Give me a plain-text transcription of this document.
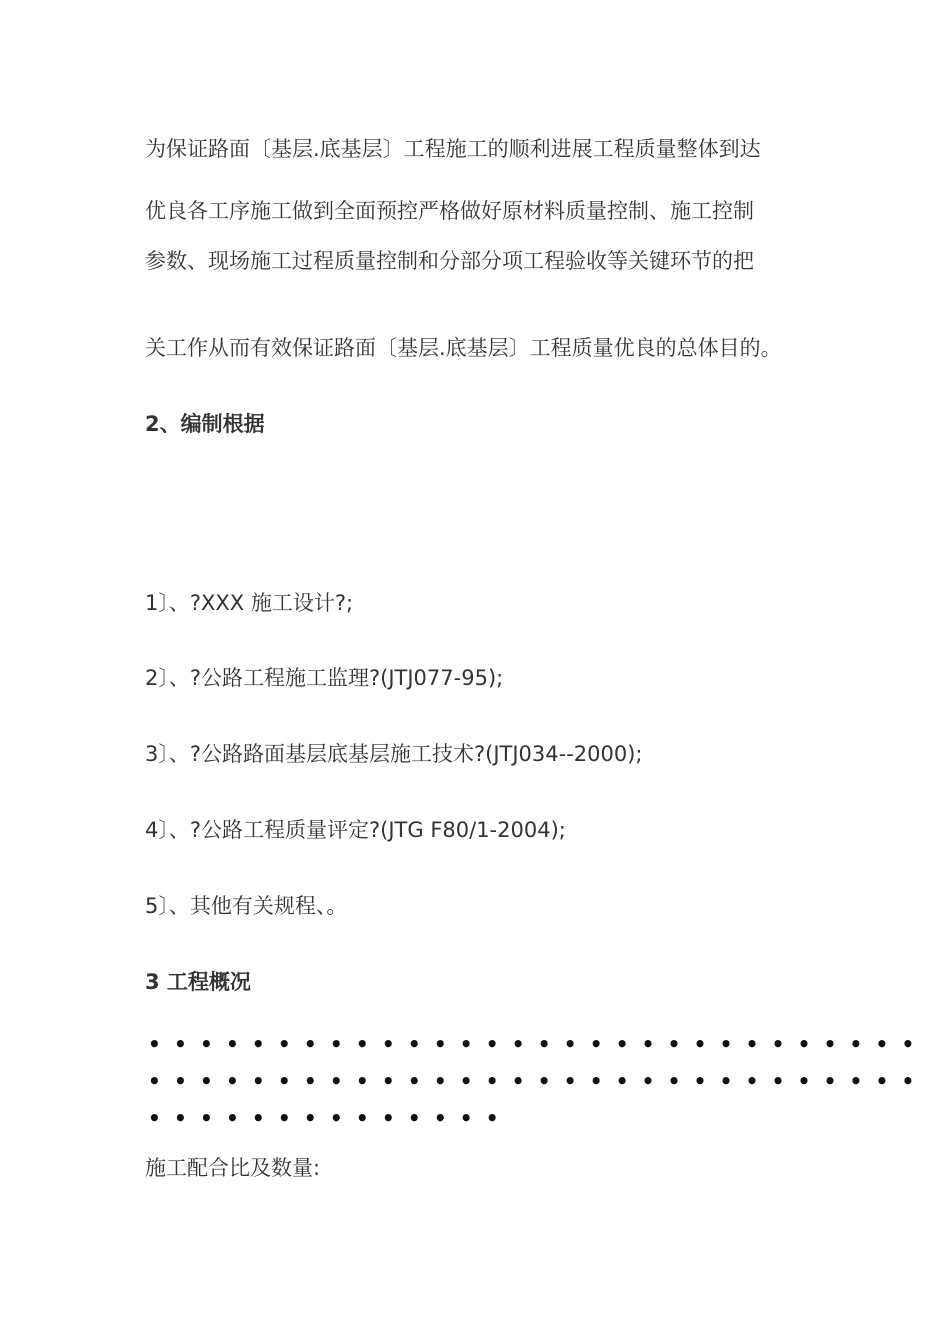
为保证路面〔基层.底基层〕工程施工的顺利进展工程质量整体到达

优良各工序施工做到全面预控严格做好原材料质量控制、施工控制

参数、现场施工过程质量控制和分部分项工程验收等关键环节的把

关工作从而有效保证路面〔基层.底基层〕工程质量优良的总体目的。

2、编制根据

1〕、?XXX 施工设计?;

2〕、?公路工程施工监理?(JTJ077-95);

3〕、?公路路面基层底基层施工技术?(JTJ034--2000);

4〕、?公路工程质量评定?(JTG F80/1-2004);

5〕、其他有关规程、。

3 工程概况

••••••••••••••••••••••••••••••

••••••••••••••••••••••••••••••

••••••••••••••

施工配合比及数量:
